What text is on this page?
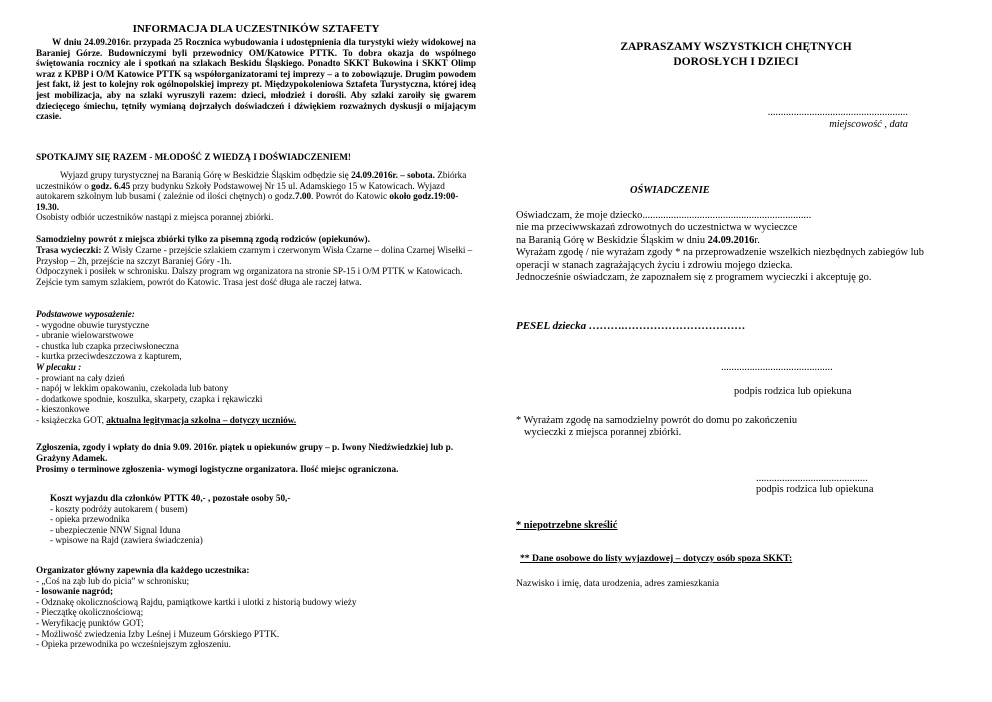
INFORMACJA DLA UCZESTNIKÓW SZTAFETY

W dniu 24.09.2016r. przypada 25 Rocznica wybudowania i udostępnienia dla turystyki wieży widokowej na Baraniej Górze. Budowniczymi byli przewodnicy OM/Katowice PTTK. To dobra okazja do wspólnego świętowania rocznicy ale i spotkań na szlakach Beskidu Śląskiego. Ponadto SKKT Bukowina i SKKT Olimp wraz z KPBP i O/M Katowice PTTK są współorganizatorami tej imprezy – a to zobowiązuje. Drugim powodem jest fakt, iż jest to kolejny rok ogólnopolskiej imprezy pt. Międzypokoleniowa Sztafeta Turystyczna, której ideą jest mobilizacja, aby na szlaki wyruszyli razem: dzieci, młodzież i dorośli. Aby szlaki zaroiły się gwarem dziecięcego śmiechu, tętniły wymianą dojrzałych doświadczeń i dźwiękiem rozważnych dyskusji o mijającym czasie.

SPOTKAJMY SIĘ RAZEM - MŁODOŚĆ Z WIEDZĄ I DOŚWIADCZENIEM!

Wyjazd grupy turystycznej na Baranią Górę w Beskidzie Śląskim odbędzie się 24.09.2016r. – sobota. Zbiórka uczestników o godz. 6.45 przy budynku Szkoły Podstawowej Nr 15 ul. Adamskiego 15 w Katowicach. Wyjazd autokarem szkolnym lub busami ( zależnie od ilości chętnych) o godz.7.00. Powrót do Katowic około godz.19:00- 19.30.
Osobisty odbiór uczestników nastąpi z miejsca porannej zbiórki.

Samodzielny powrót z miejsca zbiórki tylko za pisemną zgodą rodziców (opiekunów).

Trasa wycieczki: Z Wisły Czarne - przejście szlakiem czarnym i czerwonym Wisła Czarne – dolina Czarnej Wisełki – Przysłop – 2h, przejście na szczyt Baraniej Góry -1h.

Odpoczynek i posiłek w schronisku. Dalszy program wg organizatora na stronie SP-15 i O/M PTTK w Katowicach. Zejście tym samym szlakiem, powrót do Katowic. Trasa jest dość długa ale raczej łatwa.

Podstawowe wyposażenie:

- wygodne obuwie turystyczne

- ubranie wielowarstwowe

- chustka lub czapka przeciwsłoneczna

- kurtka przeciwdeszczowa z kapturem,

W plecaku :

- prowiant na cały dzień

- napój w lekkim opakowaniu, czekolada lub batony

- dodatkowe spodnie, koszulka, skarpety, czapka i rękawiczki

- kieszonkowe

- książeczka GOT, aktualna legitymacja szkolna – dotyczy uczniów.

Zgłoszenia, zgody i wpłaty do dnia 9.09. 2016r. piątek u opiekunów grupy – p. Iwony Niedźwiedzkiej lub p. Grażyny Adamek.

Prosimy o terminowe zgłoszenia- wymogi logistyczne organizatora. Ilość miejsc ograniczona.

Koszt wyjazdu dla członków PTTK 40,- , pozostałe osoby 50,-

- koszty podróży autokarem ( busem)

- opieka przewodnika

- ubezpieczenie NNW Signal Iduna

- wpisowe na Rajd (zawiera świadczenia)

Organizator główny zapewnia dla każdego uczestnika:

- „Coś na ząb lub do picia” w schronisku;

- losowanie nagród;

- Odznakę okolicznościową Rajdu, pamiątkowe kartki i ulotki z historią budowy wieży

- Pieczątkę okolicznościową;

- Weryfikację punktów GOT;

- Możliwość zwiedzenia Izby Leśnej i Muzeum Górskiego PTTK.

- Opieka przewodnika po wcześniejszym zgłoszeniu.

ZAPRASZAMY WSZYSTKICH CHĘTNYCH

DOROSŁYCH I DZIECI

......................................................

miejscowość , data

OŚWIADCZENIE

Oświadczam, że moje dziecko.................................................................

nie ma przeciwwskazań zdrowotnych do uczestnictwa w wycieczce

na Baranią Górę w Beskidzie Śląskim w dniu 24.09.2016r.

Wyrażam zgodę / nie wyrażam zgody * na przeprowadzenie wszelkich niezbędnych zabiegów lub operacji w stanach zagrażających życiu i zdrowiu mojego dziecka.

Jednocześnie oświadczam, że zapoznałem się z programem wycieczki i akceptuję go.

PESEL dziecka ……….……………………………

...........................................

podpis rodzica lub opiekuna

* Wyrażam zgodę na samodzielny powrót do domu po zakończeniu

wycieczki z miejsca porannej zbiórki.

...........................................

podpis rodzica lub opiekuna

* niepotrzebne skreślić

** Dane osobowe do listy wyjazdowej – dotyczy osób spoza SKKT:

Nazwisko i imię, data urodzenia, adres zamieszkania
